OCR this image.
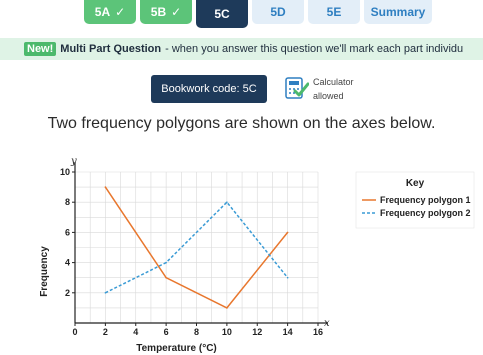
5A ✓ 5B ✓	5C	5D	5E Summary
New! Multi Part Question - when you answer this question we'll mark each part individu
Bookwork code: 5C
Calculator
allowed
Two frequency polygons are shown on the axes below.
0	2	4	6	8	10 12 14 16
2
4
6
8
10
y
x
Temperature (°C)
Frequency
Key
Frequency polygon 1
Frequency polygon 2
